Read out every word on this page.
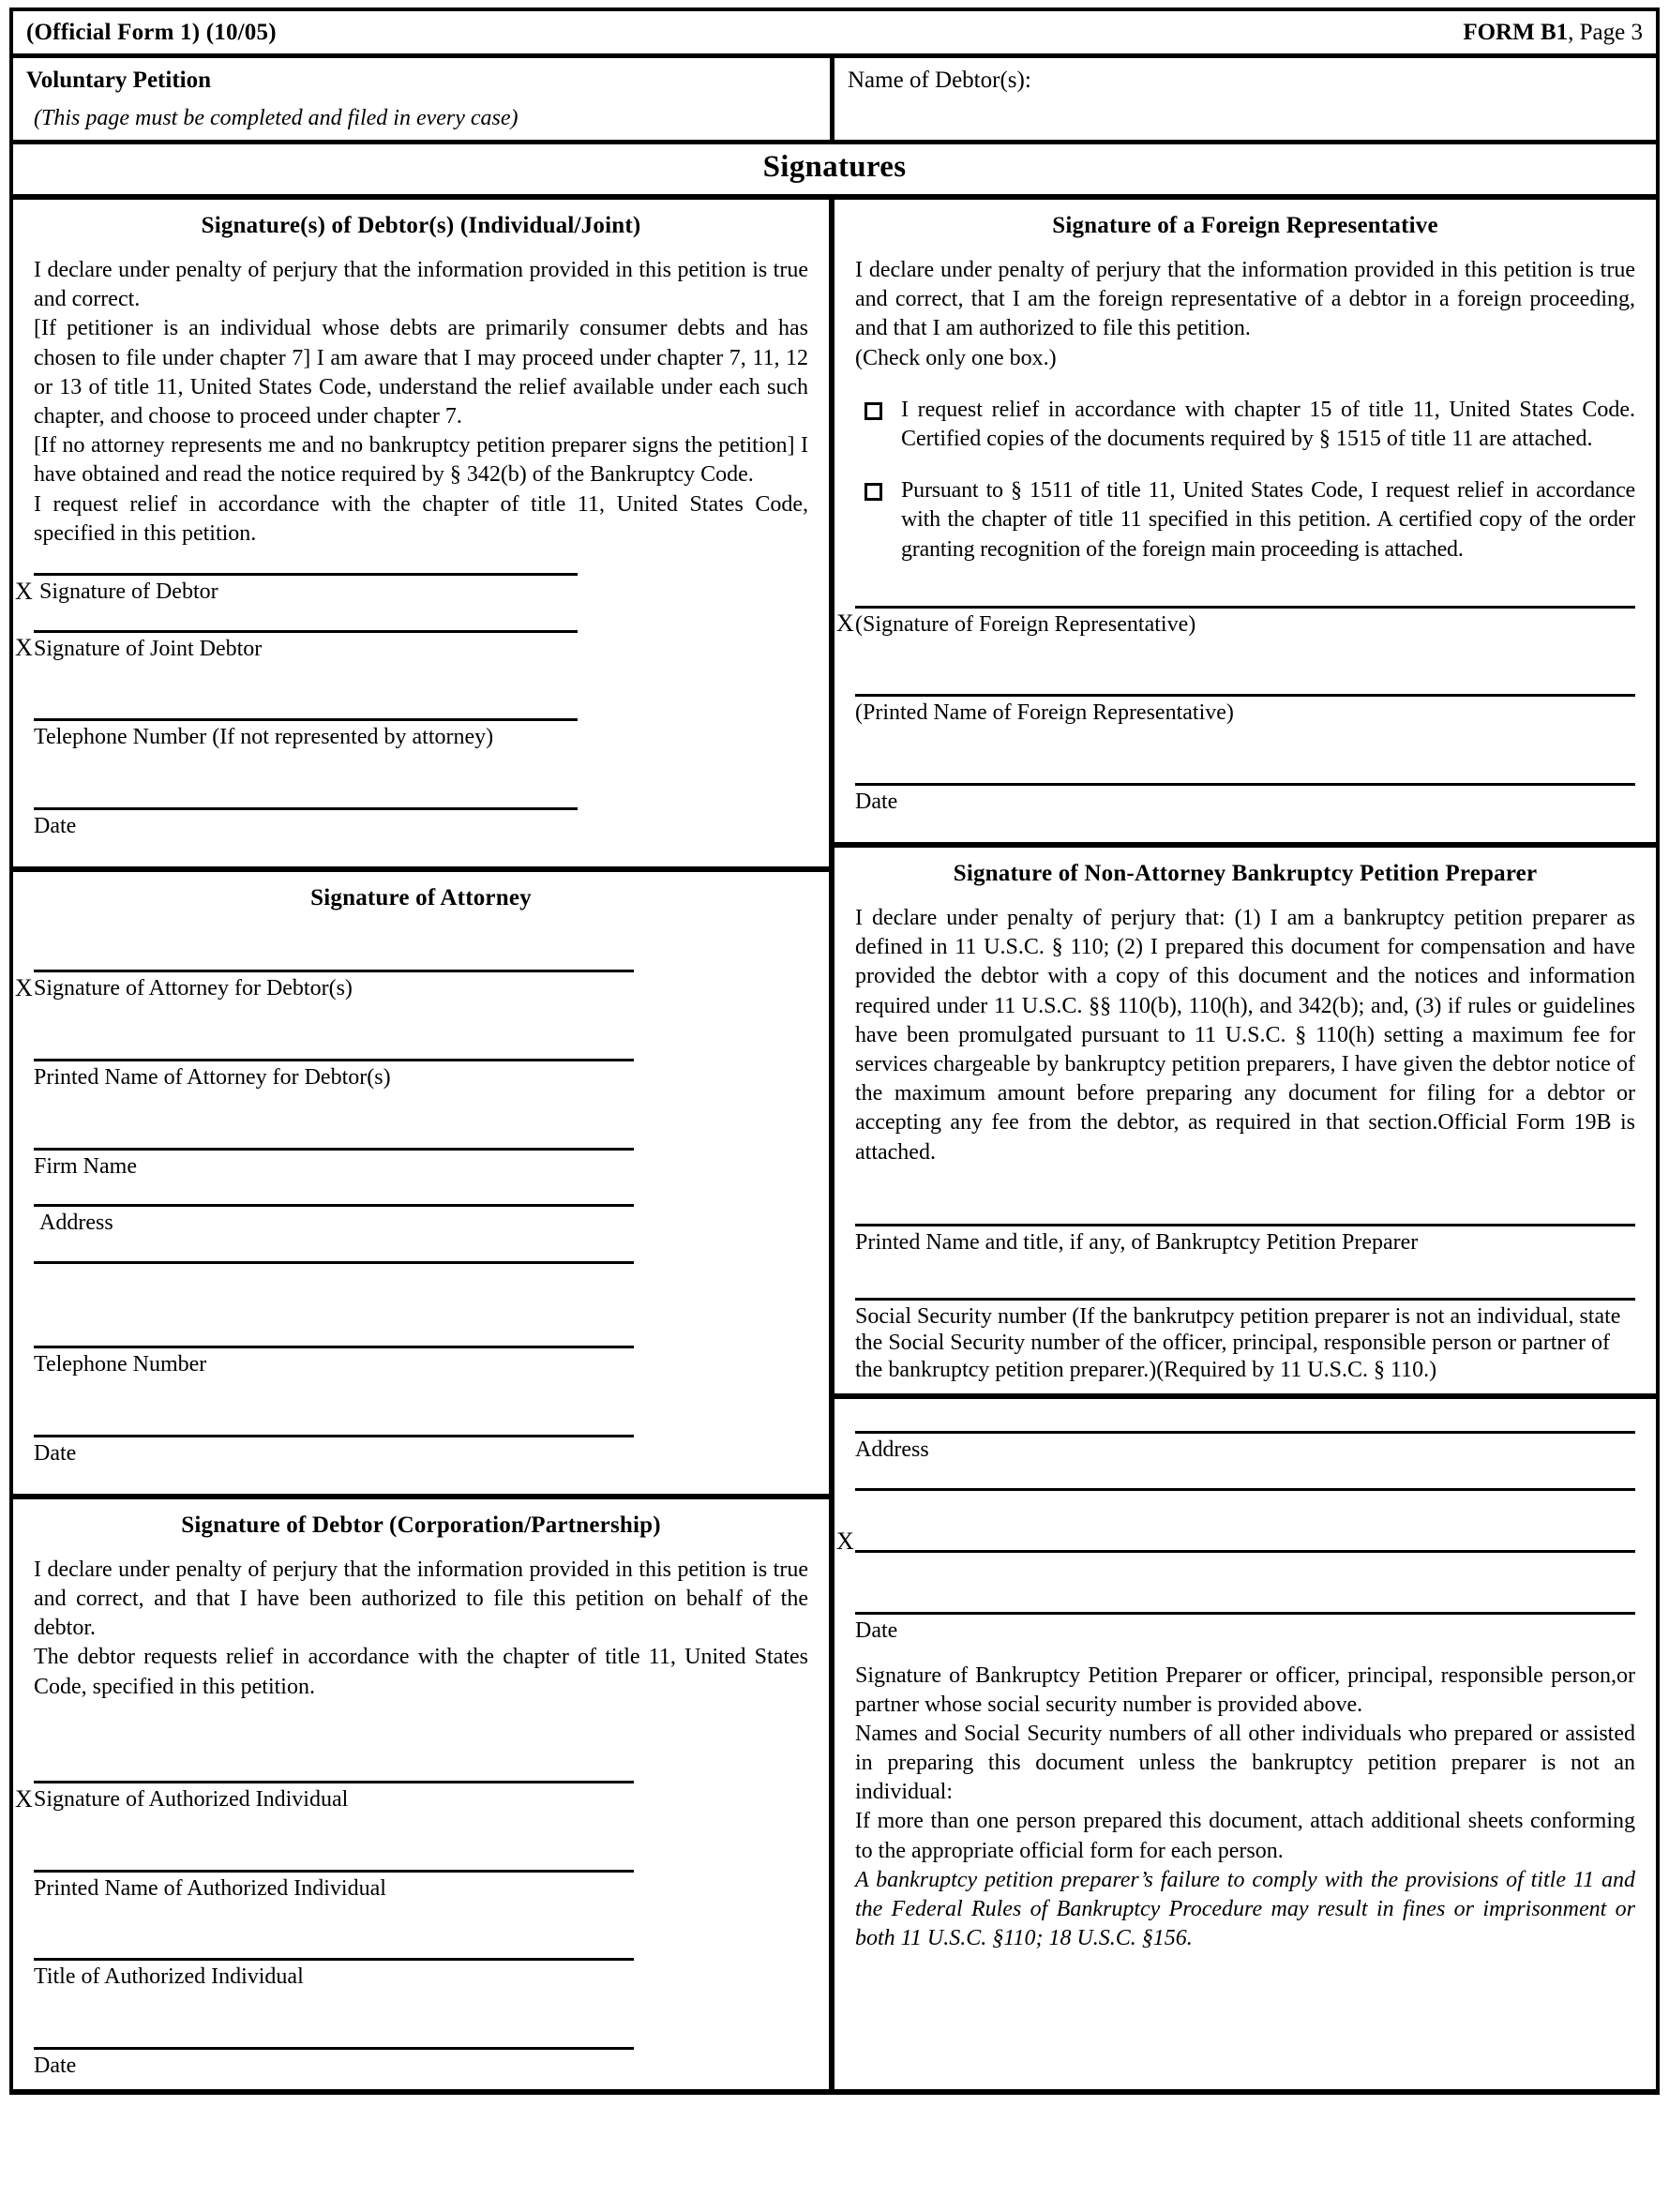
(Official Form 1) (10/05)	FORM B1, Page 3
Voluntary Petition
(This page must be completed and filed in every case)
Name of Debtor(s):
Signatures
Signature(s) of Debtor(s) (Individual/Joint)

I declare under penalty of perjury that the information provided in this petition is true and correct.

[If petitioner is an individual whose debts are primarily consumer debts and has chosen to file under chapter 7] I am aware that I may proceed under chapter 7, 11, 12 or 13 of title 11, United States Code, understand the relief available under each such chapter, and choose to proceed under chapter 7.

[If no attorney represents me and no bankruptcy petition preparer signs the petition] I have obtained and read the notice required by § 342(b) of the Bankruptcy Code.

I request relief in accordance with the chapter of title 11, United States Code, specified in this petition.

X Signature of Debtor
X Signature of Joint Debtor
Telephone Number (If not represented by attorney)
Date
Signature of Attorney
X Signature of Attorney for Debtor(s)
Printed Name of Attorney for Debtor(s)
Firm Name
Address
Telephone Number
Date
Signature of Debtor (Corporation/Partnership)

I declare under penalty of perjury that the information provided in this petition is true and correct, and that I have been authorized to file this petition on behalf of the debtor.

The debtor requests relief in accordance with the chapter of title 11, United States Code, specified in this petition.

X Signature of Authorized Individual
Printed Name of Authorized Individual
Title of Authorized Individual
Date
Signature of a Foreign Representative

I declare under penalty of perjury that the information provided in this petition is true and correct, that I am the foreign representative of a debtor in a foreign proceeding, and that I am authorized to file this petition.

(Check only one box.)

I request relief in accordance with chapter 15 of title 11, United States Code. Certified copies of the documents required by § 1515 of title 11 are attached.
Pursuant to § 1511 of title 11, United States Code, I request relief in accordance with the chapter of title 11 specified in this petition. A certified copy of the order granting recognition of the foreign main proceeding is attached.
X (Signature of Foreign Representative)
(Printed Name of Foreign Representative)
Date
Signature of Non-Attorney Bankruptcy Petition Preparer

I declare under penalty of perjury that: (1) I am a bankruptcy petition preparer as defined in 11 U.S.C. § 110; (2) I prepared this document for compensation and have provided the debtor with a copy of this document and the notices and information required under 11 U.S.C. §§ 110(b), 110(h), and 342(b); and, (3) if rules or guidelines have been promulgated pursuant to 11 U.S.C. § 110(h) setting a maximum fee for services chargeable by bankruptcy petition preparers, I have given the debtor notice of the maximum amount before preparing any document for filing for a debtor or accepting any fee from the debtor, as required in that section.Official Form 19B is attached.

Printed Name and title, if any, of Bankruptcy Petition Preparer
Social Security number (If the bankrutpcy petition preparer is not an individual, state the Social Security number of the officer, principal, responsible person or partner of the bankruptcy petition preparer.)(Required by 11 U.S.C. § 110.)
Address
X
Date

Signature of Bankruptcy Petition Preparer or officer, principal, responsible person,or partner whose social security number is provided above.

Names and Social Security numbers of all other individuals who prepared or assisted in preparing this document unless the bankruptcy petition preparer is not an individual:

If more than one person prepared this document, attach additional sheets conforming to the appropriate official form for each person.

A bankruptcy petition preparer’s failure to comply with the provisions of title 11 and the Federal Rules of Bankruptcy Procedure may result in fines or imprisonment or both 11 U.S.C. §110; 18 U.S.C. §156.
